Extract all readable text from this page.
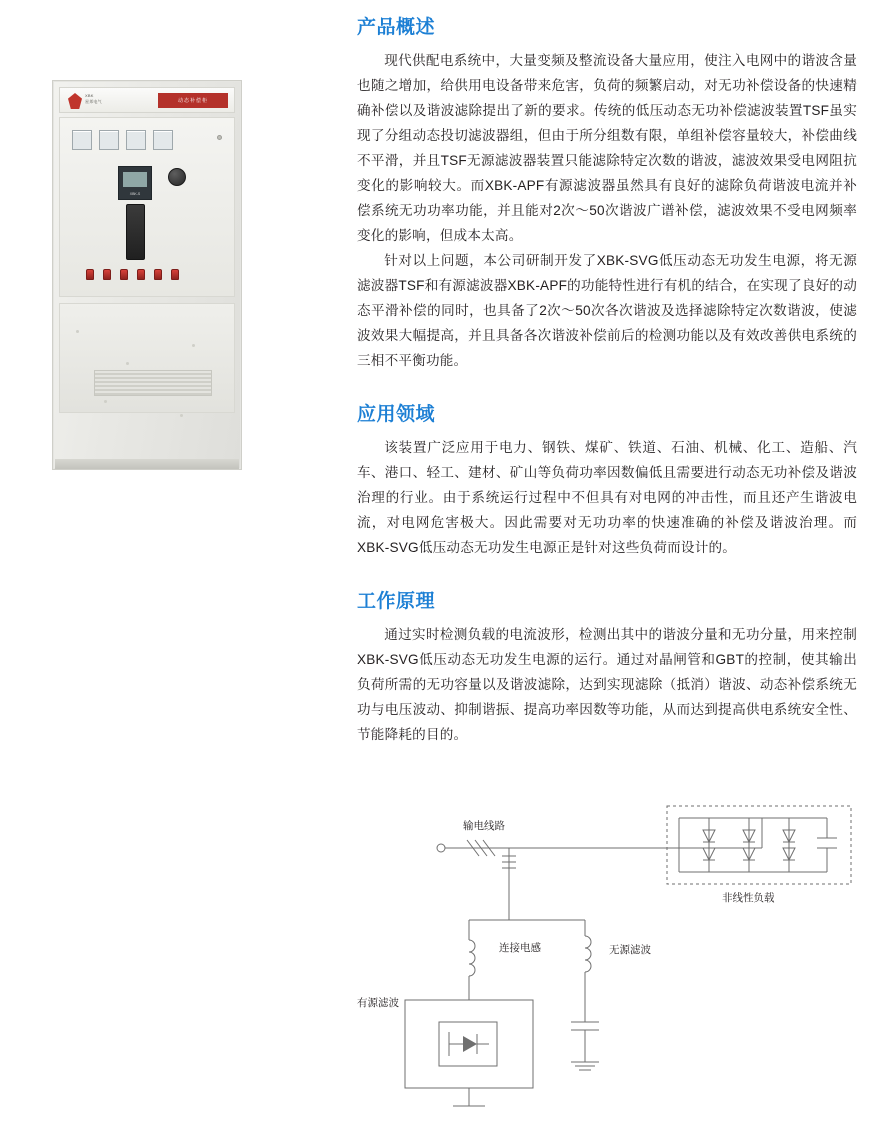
XBK
星邦电气	动态补偿柜
XBK-S
产品概述

现代供配电系统中，大量变频及整流设备大量应用，使注入电网中的谐波含量也随之增加，给供用电设备带来危害，负荷的频繁启动，对无功补偿设备的快速精确补偿以及谐波滤除提出了新的要求。传统的低压动态无功补偿滤波装置TSF虽实现了分组动态投切滤波器组，但由于所分组数有限，单组补偿容量较大，补偿曲线不平滑，并且TSF无源滤波器装置只能滤除特定次数的谐波，滤波效果受电网阻抗变化的影响较大。而XBK-APF有源滤波器虽然具有良好的滤除负荷谐波电流并补偿系统无功功率功能，并且能对2次～50次谐波广谱补偿，滤波效果不受电网频率变化的影响，但成本太高。

针对以上问题，本公司研制开发了XBK-SVG低压动态无功发生电源，将无源滤波器TSF和有源滤波器XBK-APF的功能特性进行有机的结合，在实现了良好的动态平滑补偿的同时，也具备了2次～50次各次谐波及选择滤除特定次数谐波，使滤波效果大幅提高，并且具备各次谐波补偿前后的检测功能以及有效改善供电系统的三相不平衡功能。

应用领域

该装置广泛应用于电力、钢铁、煤矿、铁道、石油、机械、化工、造船、汽车、港口、轻工、建材、矿山等负荷功率因数偏低且需要进行动态无功补偿及谐波治理的行业。由于系统运行过程中不但具有对电网的冲击性，而且还产生谐波电流，对电网危害极大。因此需要对无功功率的快速准确的补偿及谐波治理。而XBK-SVG低压动态无功发生电源正是针对这些负荷而设计的。

工作原理

通过实时检测负载的电流波形，检测出其中的谐波分量和无功分量，用来控制XBK-SVG低压动态无功发生电源的运行。通过对晶闸管和GBT的控制，使其输出负荷所需的无功容量以及谐波滤除，达到实现滤除（抵消）谐波、动态补偿系统无功与电压波动、抑制谐振、提高功率因数等功能，从而达到提高供电系统安全性、节能降耗的目的。

输电线路
非线性负载
连接电感	无源滤波
有源滤波
